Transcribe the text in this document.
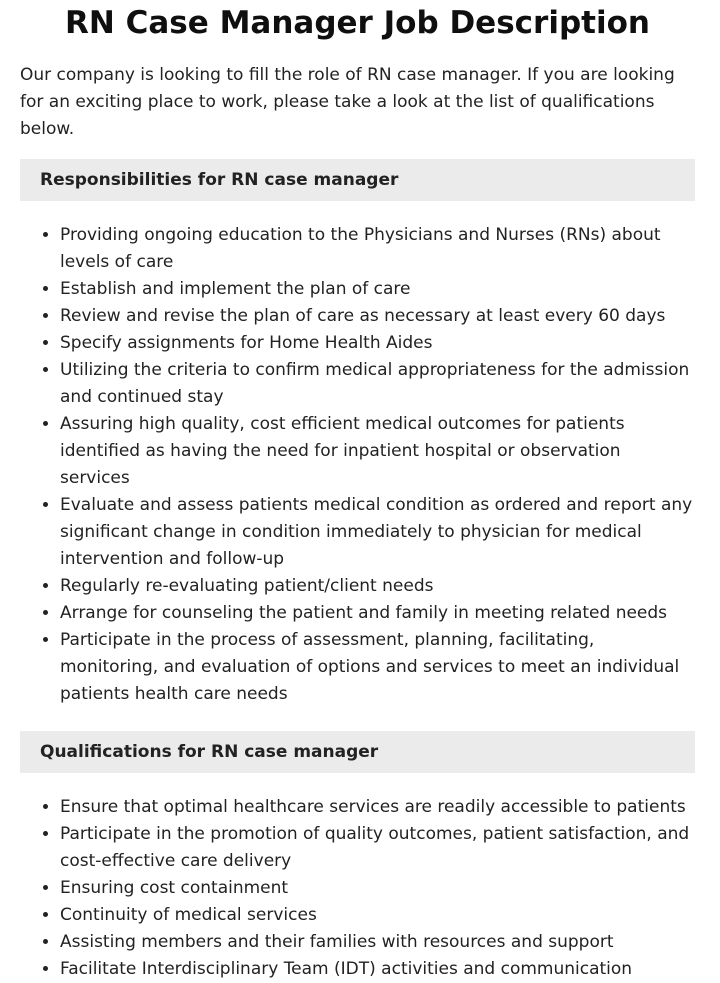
RN Case Manager Job Description

Our company is looking to fill the role of RN case manager. If you are looking for an exciting place to work, please take a look at the list of qualifications below.

Responsibilities for RN case manager
• Providing ongoing education to the Physicians and Nurses (RNs) about levels of care
• Establish and implement the plan of care
• Review and revise the plan of care as necessary at least every 60 days
• Specify assignments for Home Health Aides
• Utilizing the criteria to confirm medical appropriateness for the admission and continued stay
• Assuring high quality, cost efficient medical outcomes for patients identified as having the need for inpatient hospital or observation services
• Evaluate and assess patients medical condition as ordered and report any significant change in condition immediately to physician for medical intervention and follow-up
• Regularly re-evaluating patient/client needs
• Arrange for counseling the patient and family in meeting related needs
• Participate in the process of assessment, planning, facilitating, monitoring, and evaluation of options and services to meet an individual patients health care needs
Qualifications for RN case manager
• Ensure that optimal healthcare services are readily accessible to patients
• Participate in the promotion of quality outcomes, patient satisfaction, and cost-effective care delivery
• Ensuring cost containment
• Continuity of medical services
• Assisting members and their families with resources and support
• Facilitate Interdisciplinary Team (IDT) activities and communication
